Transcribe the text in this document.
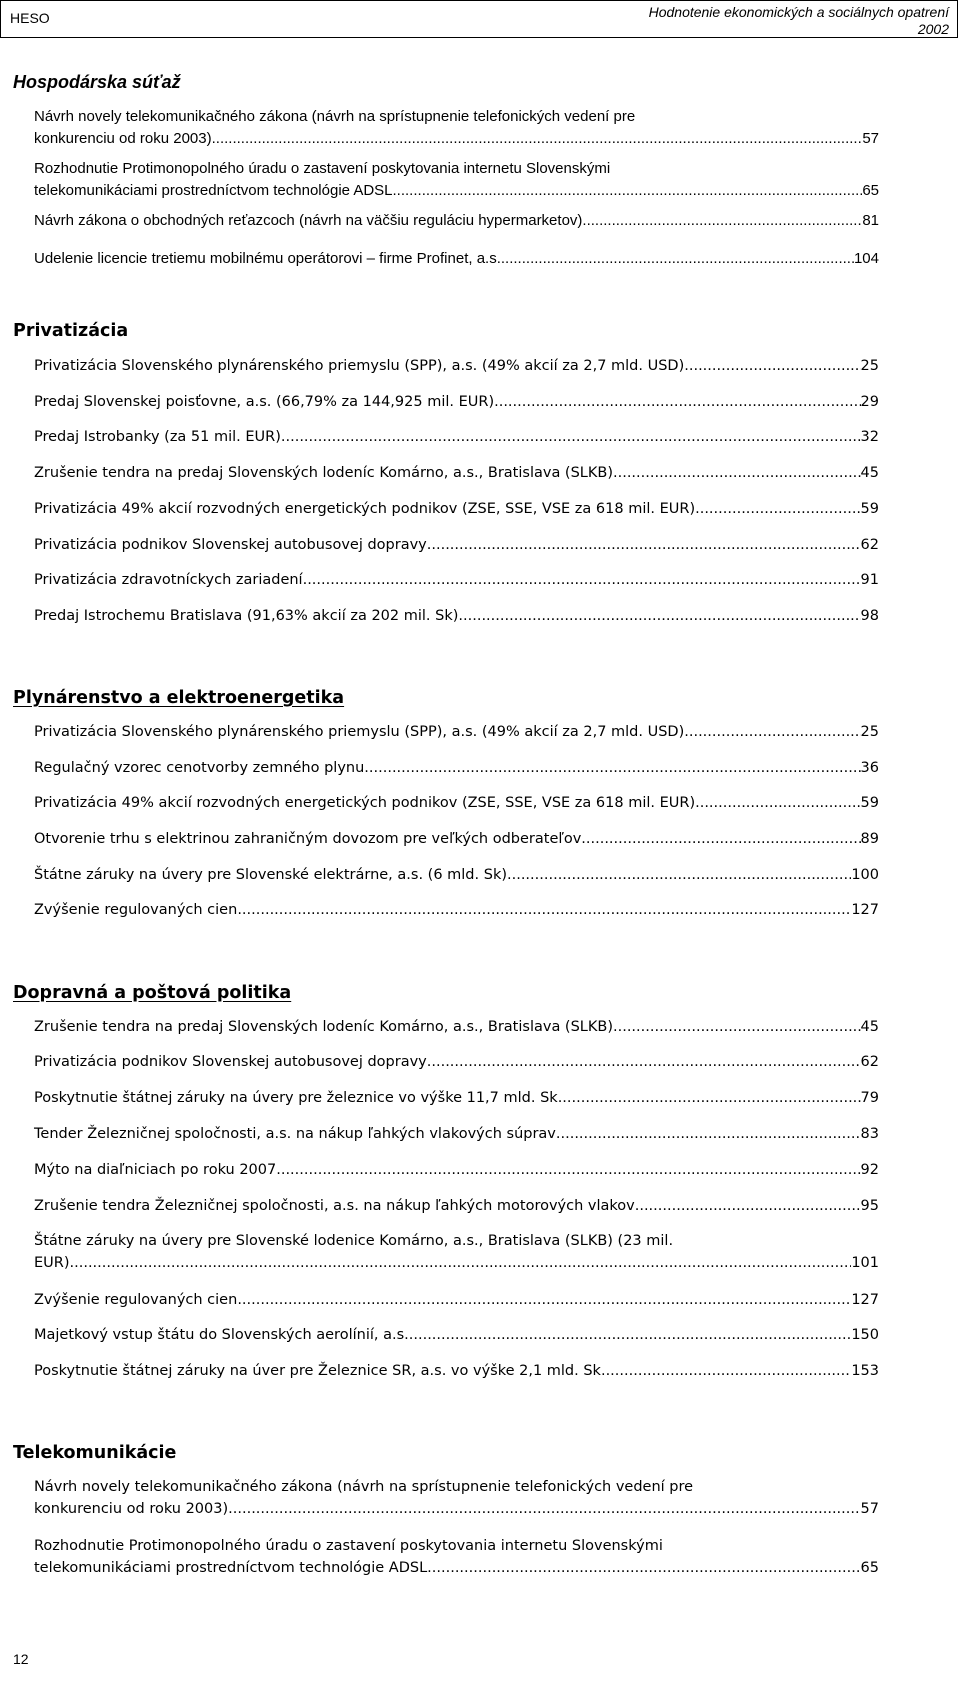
HESO	Hodnotenie ekonomických a sociálnych opatrení
2002
Hospodárska súťaž
Návrh novely telekomunikačného zákona (návrh na sprístupnenie telefonických vedení pre
konkurenciu od roku 2003). .....	57
Rozhodnutie Protimonopolného úradu o zastavení poskytovania internetu Slovenskými
telekomunikáciami prostredníctvom technológie ADSL .....	65
Návrh zákona o obchodných reťazcoch (návrh na väčšiu reguláciu hypermarketov) .....	81
Udelenie licencie tretiemu mobilnému operátorovi – firme Profinet, a.s. .....	104
Privatizácia
Privatizácia Slovenského plynárenského priemyslu (SPP), a.s. (49% akcií za 2,7 mld. USD) .....	25
Predaj Slovenskej poisťovne, a.s. (66,79% za 144,925 mil. EUR) .....	29
Predaj Istrobanky (za 51 mil. EUR) .....	32
Zrušenie tendra na predaj Slovenských lodeníc Komárno, a.s., Bratislava (SLKB) .....	45
Privatizácia 49% akcií rozvodných energetických podnikov (ZSE, SSE, VSE za 618 mil. EUR) .....	59
Privatizácia podnikov Slovenskej autobusovej dopravy .....	62
Privatizácia zdravotníckych zariadení .....	91
Predaj Istrochemu Bratislava (91,63% akcií za 202 mil. Sk) .....	98
Plynárenstvo a elektroenergetika
Privatizácia Slovenského plynárenského priemyslu (SPP), a.s. (49% akcií za 2,7 mld. USD) .....	25
Regulačný vzorec cenotvorby zemného plynu .....	36
Privatizácia 49% akcií rozvodných energetických podnikov (ZSE, SSE, VSE za 618 mil. EUR) .....	59
Otvorenie trhu s elektrinou zahraničným dovozom pre veľkých odberateľov .....	89
Štátne záruky na úvery pre Slovenské elektrárne, a.s. (6 mld. Sk) .....	100
Zvýšenie regulovaných cien .....	127
Dopravná a poštová politika
Zrušenie tendra na predaj Slovenských lodeníc Komárno, a.s., Bratislava (SLKB) .....	45
Privatizácia podnikov Slovenskej autobusovej dopravy .....	62
Poskytnutie štátnej záruky na úvery pre železnice vo výške 11,7 mld. Sk .....	79
Tender Železničnej spoločnosti, a.s. na nákup ľahkých vlakových súprav .....	83
Mýto na diaľniciach po roku 2007 .....	92
Zrušenie tendra Železničnej spoločnosti, a.s. na nákup ľahkých motorových vlakov .....	95
Štátne záruky na úvery pre Slovenské lodenice Komárno, a.s., Bratislava (SLKB) (23 mil.
EUR) .....	101
Zvýšenie regulovaných cien .....	127
Majetkový vstup štátu do Slovenských aerolínií, a.s. .....	150
Poskytnutie štátnej záruky na úver pre Železnice SR, a.s. vo výške 2,1 mld. Sk .....	153
Telekomunikácie
Návrh novely telekomunikačného zákona (návrh na sprístupnenie telefonických vedení pre
konkurenciu od roku 2003). .....	57
Rozhodnutie Protimonopolného úradu o zastavení poskytovania internetu Slovenskými
telekomunikáciami prostredníctvom technológie ADSL .....	65
12
